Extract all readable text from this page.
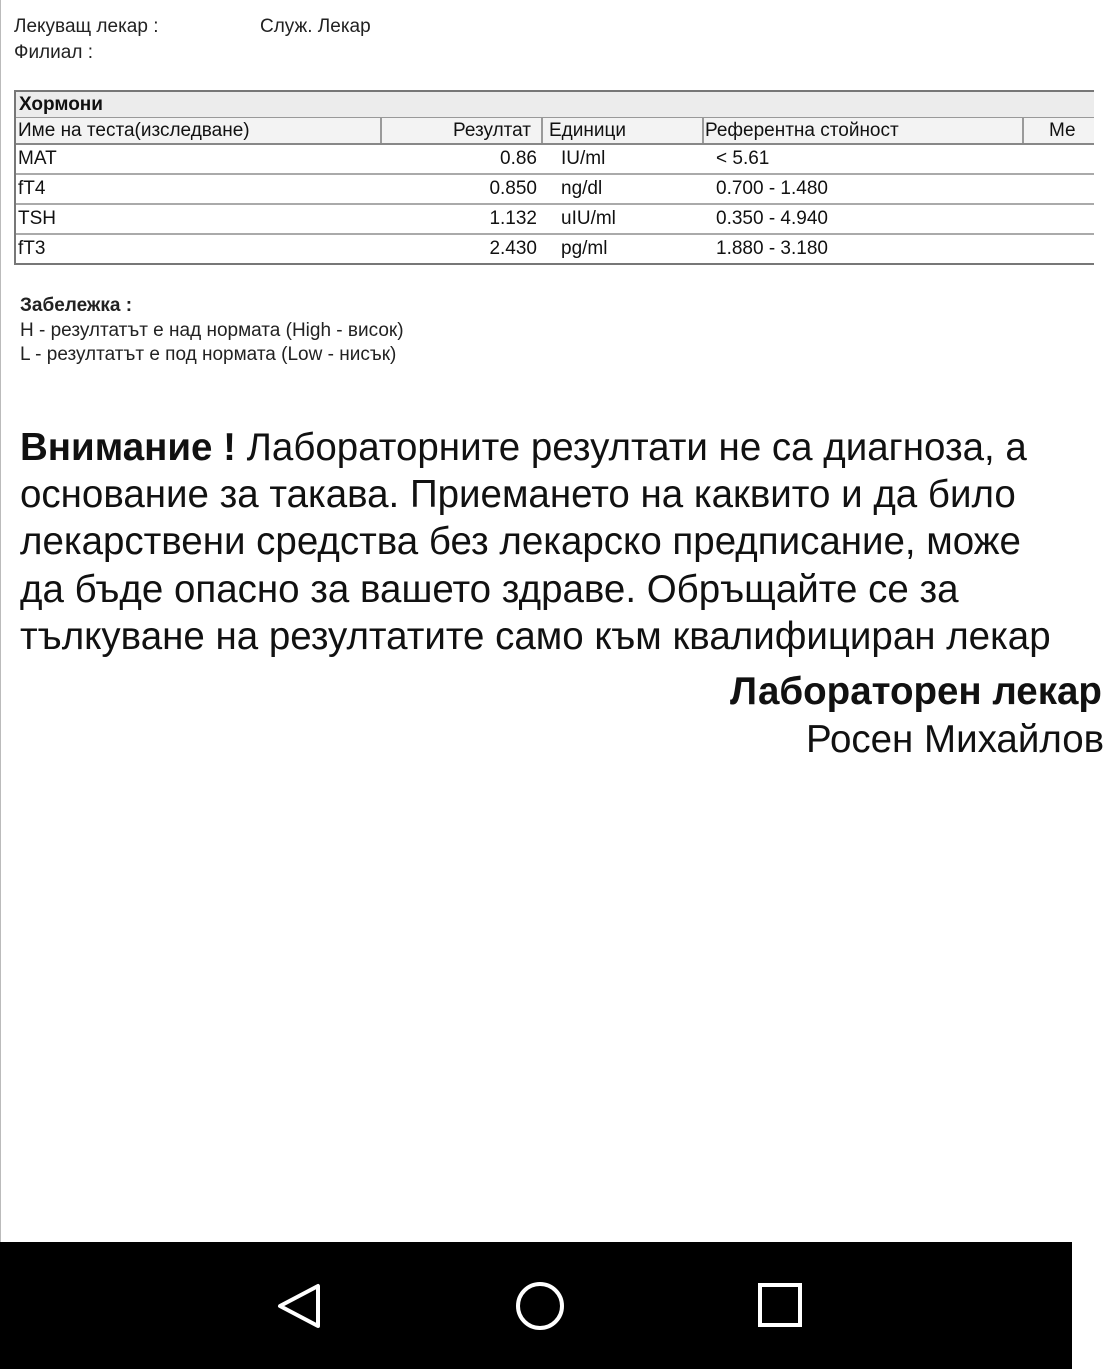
Лекуващ лекар :	Служ. Лекар
Филиал :
Хормони
Име на теста(изследване)	Резултат Единици	Референтна стойност	Ме
MAT	0.86 IU/ml	< 5.61
fT4	0.850 ng/dl	0.700 - 1.480
TSH	1.132 uIU/ml	0.350 - 4.940
fT3	2.430 pg/ml	1.880 - 3.180
Забележка :
H - резултатът е над нормата (High - висок)
L - резултатът е под нормата (Low - нисък)
Внимание ! Лабораторните резултати не са диагноза, а
основание за такава. Приемането на каквито и да било
лекарствени средства без лекарско предписание, може
да бъде опасно за вашето здраве. Обръщайте се за
тълкуване на резултатите само към квалифициран лекар
Лабораторен лекар
Росен Михайлов
